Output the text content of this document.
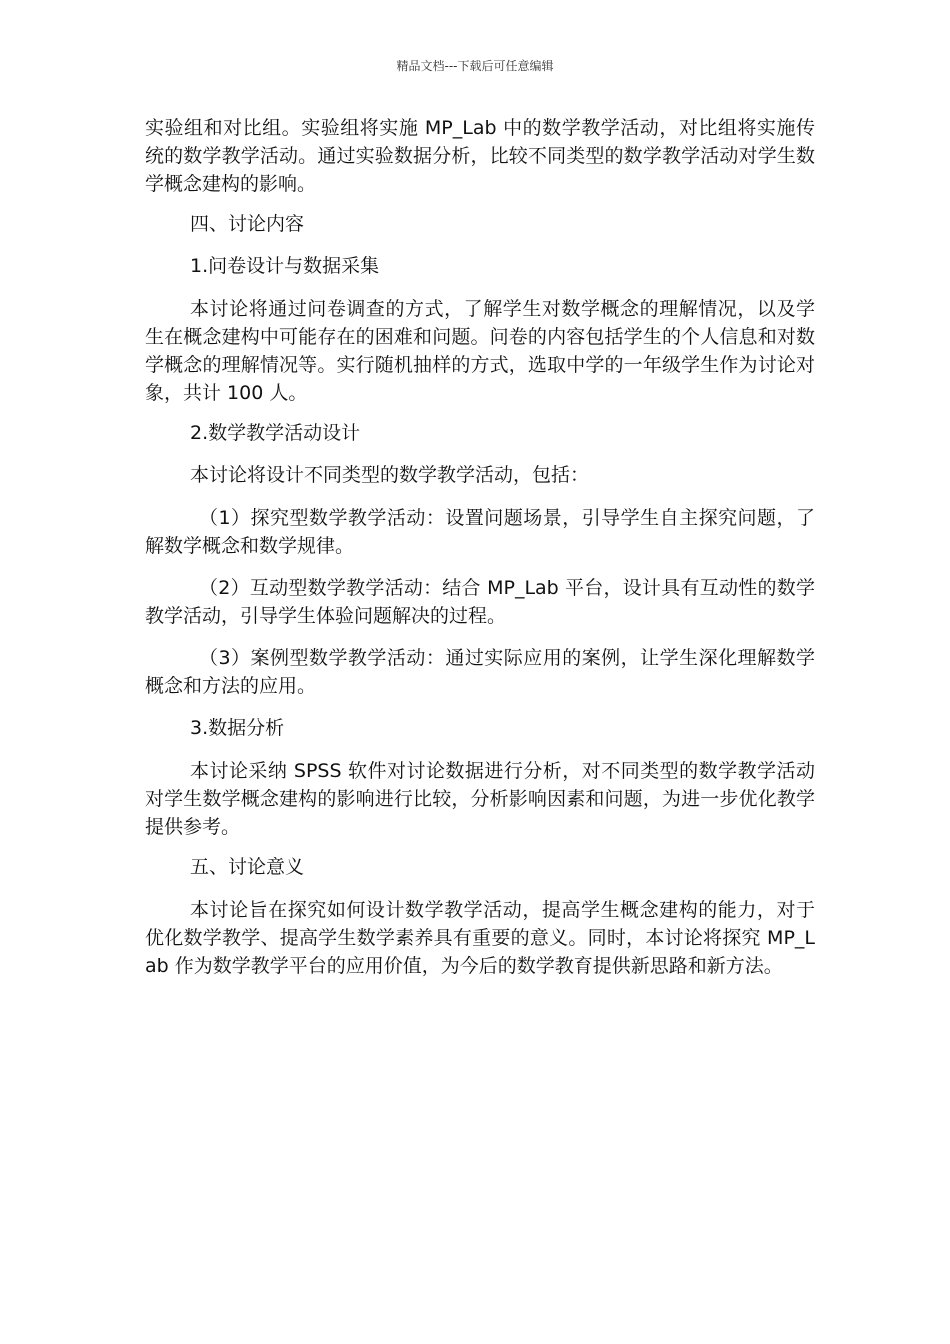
精品文档---下载后可任意编辑

实验组和对比组。实验组将实施 MP_Lab 中的数学教学活动，对比组将实施传统的数学教学活动。通过实验数据分析，比较不同类型的数学教学活动对学生数学概念建构的影响。

四、讨论内容

1.问卷设计与数据采集

本讨论将通过问卷调查的方式，了解学生对数学概念的理解情况，以及学生在概念建构中可能存在的困难和问题。问卷的内容包括学生的个人信息和对数学概念的理解情况等。实行随机抽样的方式，选取中学的一年级学生作为讨论对象，共计 100 人。

2.数学教学活动设计

本讨论将设计不同类型的数学教学活动，包括：

（1）探究型数学教学活动：设置问题场景，引导学生自主探究问题，了解数学概念和数学规律。

（2）互动型数学教学活动：结合 MP_Lab 平台，设计具有互动性的数学教学活动，引导学生体验问题解决的过程。

（3）案例型数学教学活动：通过实际应用的案例，让学生深化理解数学概念和方法的应用。

3.数据分析

本讨论采纳 SPSS 软件对讨论数据进行分析，对不同类型的数学教学活动对学生数学概念建构的影响进行比较，分析影响因素和问题，为进一步优化教学提供参考。

五、讨论意义

本讨论旨在探究如何设计数学教学活动，提高学生概念建构的能力，对于优化数学教学、提高学生数学素养具有重要的意义。同时，本讨论将探究 MP_Lab 作为数学教学平台的应用价值，为今后的数学教育提供新思路和新方法。
